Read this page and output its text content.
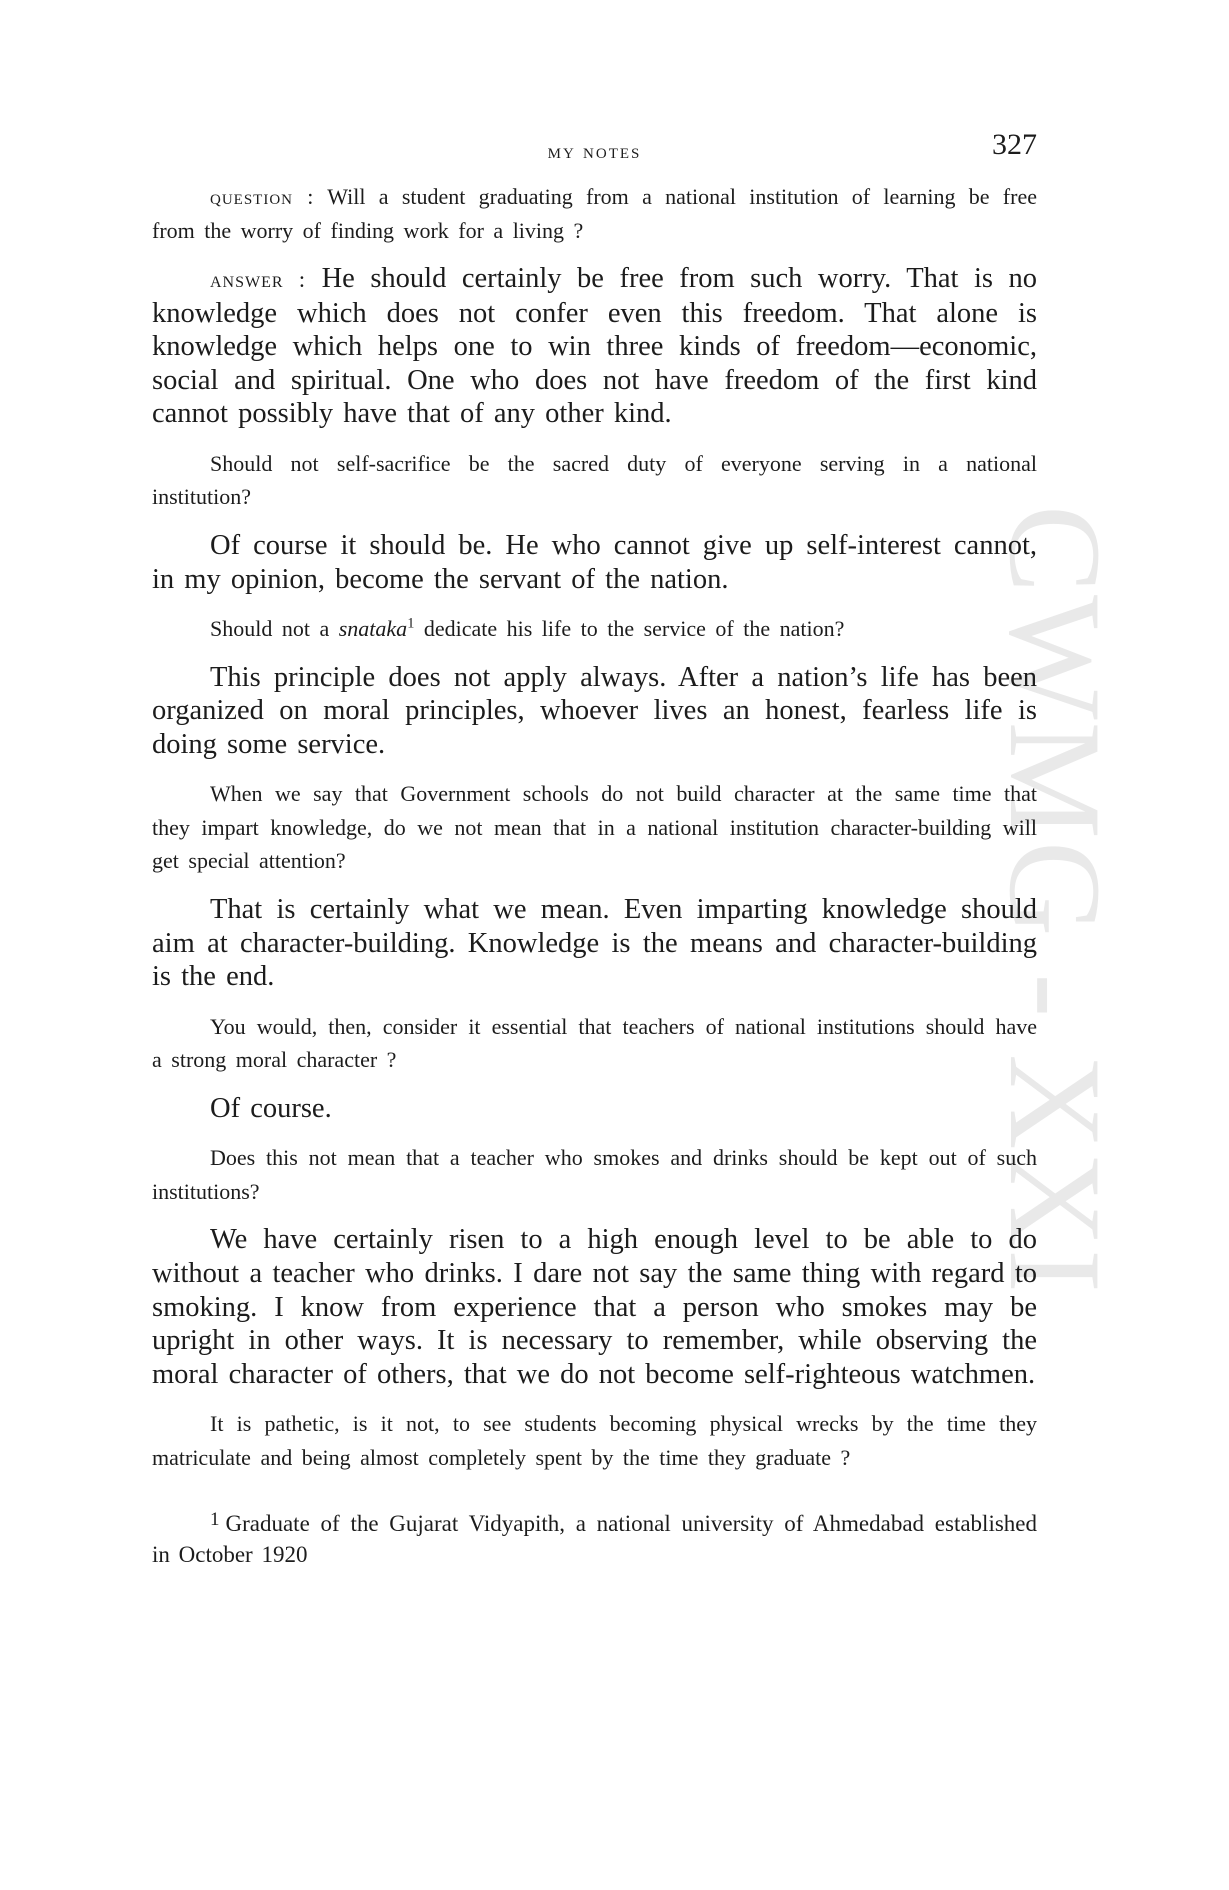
CWMG - XXI
my notes	327

question : Will a student graduating from a national institution of learning be free from the worry of finding work for a living ?

answer : He should certainly be free from such worry. That is no knowledge which does not confer even this freedom. That alone is knowledge which helps one to win three kinds of freedom—economic, social and spiritual. One who does not have freedom of the first kind cannot possibly have that of any other kind.

Should not self-sacrifice be the sacred duty of everyone serving in a national institution?

Of course it should be. He who cannot give up self-interest cannot, in my opinion, become the servant of the nation.

Should not a snataka$^1$ dedicate his life to the service of the nation?

This principle does not apply always. After a nation’s life has been organized on moral principles, whoever lives an honest, fearless life is doing some service.

When we say that Government schools do not build character at the same time that they impart knowledge, do we not mean that in a national institution character-building will get special attention?

That is certainly what we mean. Even imparting knowledge should aim at character-building. Knowledge is the means and character-building is the end.

You would, then, consider it essential that teachers of national institutions should have a strong moral character ?

Of course.

Does this not mean that a teacher who smokes and drinks should be kept out of such institutions?

We have certainly risen to a high enough level to be able to do without a teacher who drinks. I dare not say the same thing with regard to smoking. I know from experience that a person who smokes may be upright in other ways. It is necessary to remember, while observing the moral character of others, that we do not become self-righteous watchmen.

It is pathetic, is it not, to see students becoming physical wrecks by the time they matriculate and being almost completely spent by the time they graduate ?

$^1$ Graduate of the Gujarat Vidyapith, a national university of Ahmedabad established in October 1920
